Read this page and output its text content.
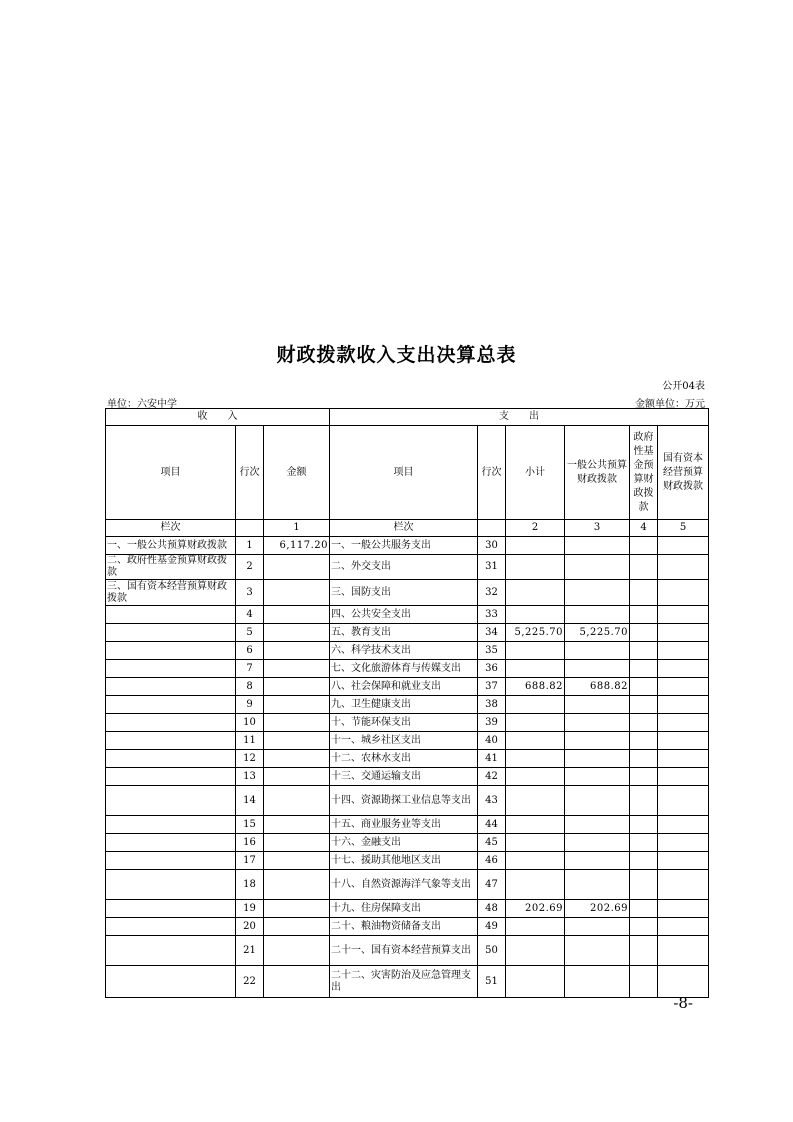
财政拨款收入支出决算总表
公开04表
单位：六安中学	金额单位：万元
收　　入			支　　出					
项目	行次	金额	项目	行次	小计	一般公共预算财政拨款	政府性基金预算财政拨款	国有资本经营预算财政拨款
栏次		1	栏次		2	3	4	5
一、一般公共预算财政拨款	1	6,117.20	一、一般公共服务支出	30				
二、政府性基金预算财政拨款	2		二、外交支出	31				
三、国有资本经营预算财政拨款	3		三、国防支出	32				
	4		四、公共安全支出	33				
	5		五、教育支出	34	5,225.70	5,225.70		
	6		六、科学技术支出	35				
	7		七、文化旅游体育与传媒支出	36				
	8		八、社会保障和就业支出	37	688.82	688.82		
	9		九、卫生健康支出	38				
	10		十、节能环保支出	39				
	11		十一、城乡社区支出	40				
	12		十二、农林水支出	41				
	13		十三、交通运输支出	42				
	14		十四、资源勘探工业信息等支出	43				
	15		十五、商业服务业等支出	44				
	16		十六、金融支出	45				
	17		十七、援助其他地区支出	46				
	18		十八、自然资源海洋气象等支出	47				
	19		十九、住房保障支出	48	202.69	202.69		
	20		二十、粮油物资储备支出	49				
	21		二十一、国有资本经营预算支出	50				
	22		二十二、灾害防治及应急管理支出	51				
-8-
